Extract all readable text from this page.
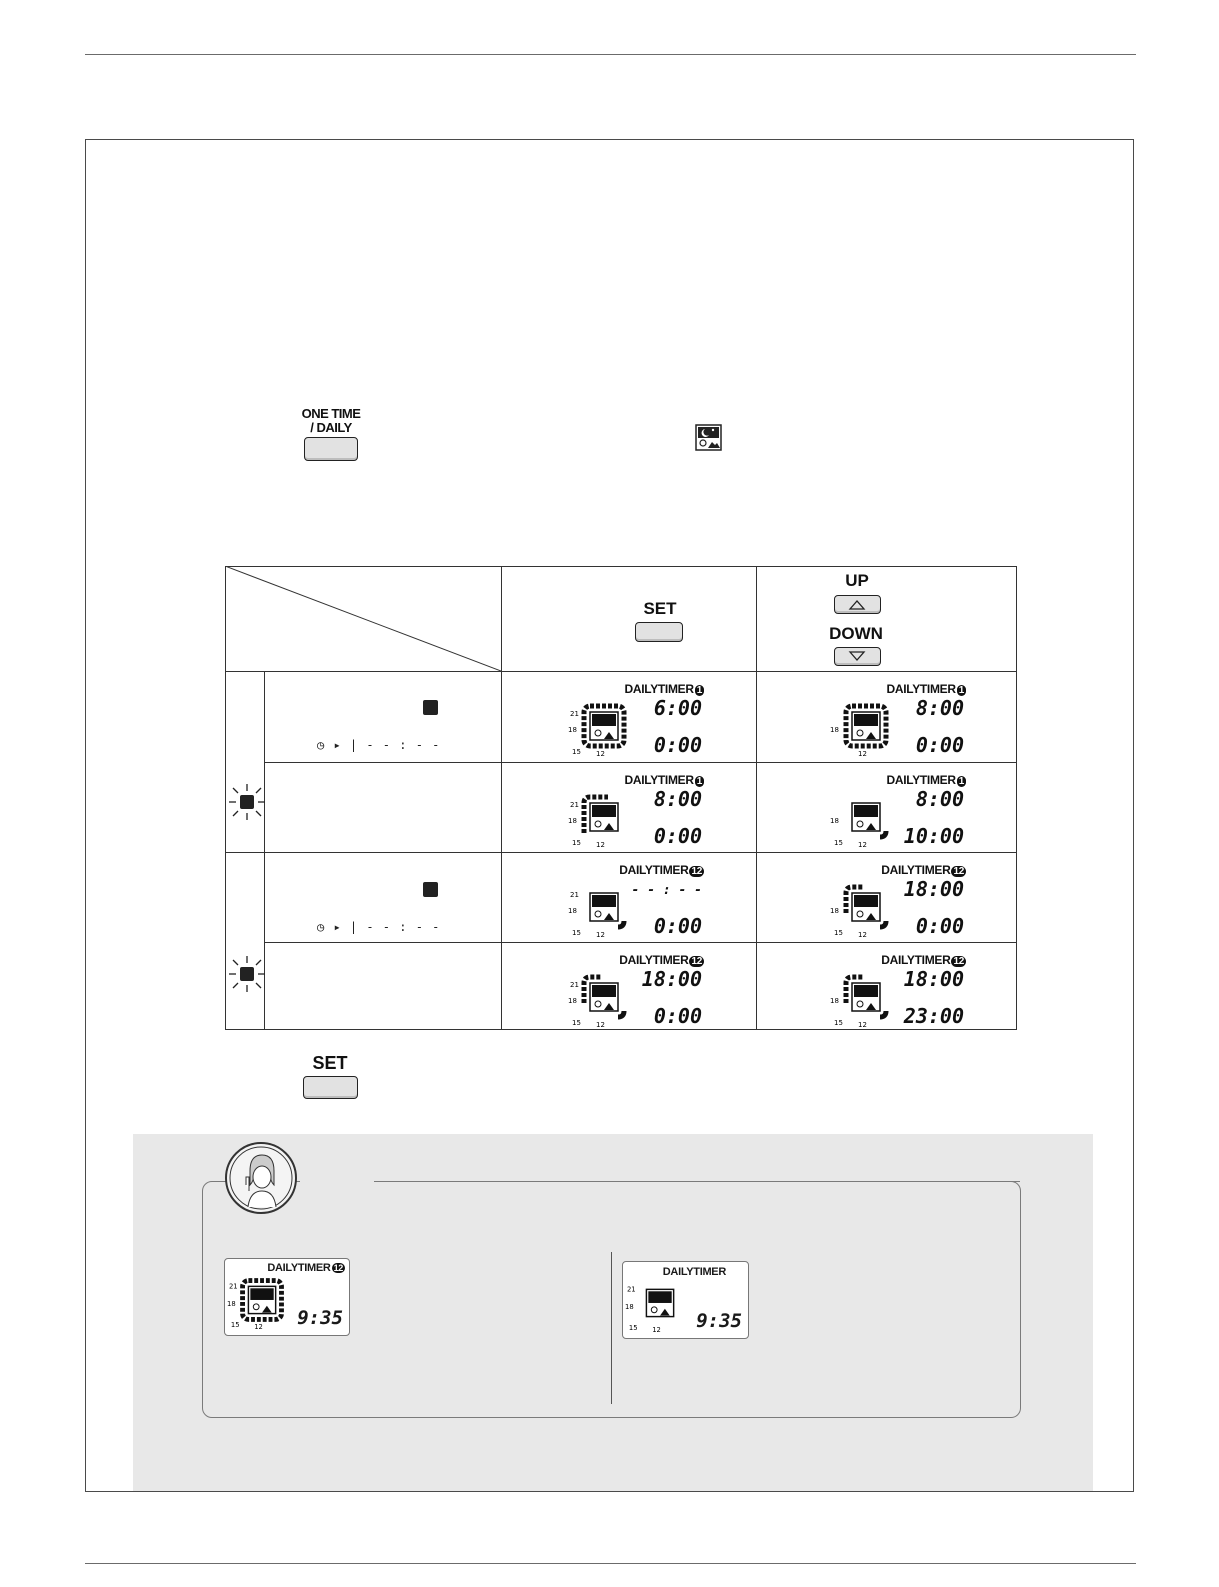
ONE TIME
/ DAILY
SET
UP
DOWN
◷ ▸ | - - : - -
◷ ▸ | - - : - -
21
18
15 12
DAILYTIMER 1
6:00
0:00
18
12
DAILYTIMER 1
8:00
0:00
21
18
15 12
DAILYTIMER 1
8:00
0:00
18
15 12
DAILYTIMER 1
8:00
10:00
21
18
15 12
DAILYTIMER 12
- - : - -
0:00
18
15 12
DAILYTIMER 12
18:00
0:00
21
18
15 12
DAILYTIMER 12
18:00
0:00
18
15 12
DAILYTIMER 12
18:00
23:00
SET
21
18
15 12
DAILYTIMER 12
9:35
21
18
15 12
DAILYTIMER
9:35
